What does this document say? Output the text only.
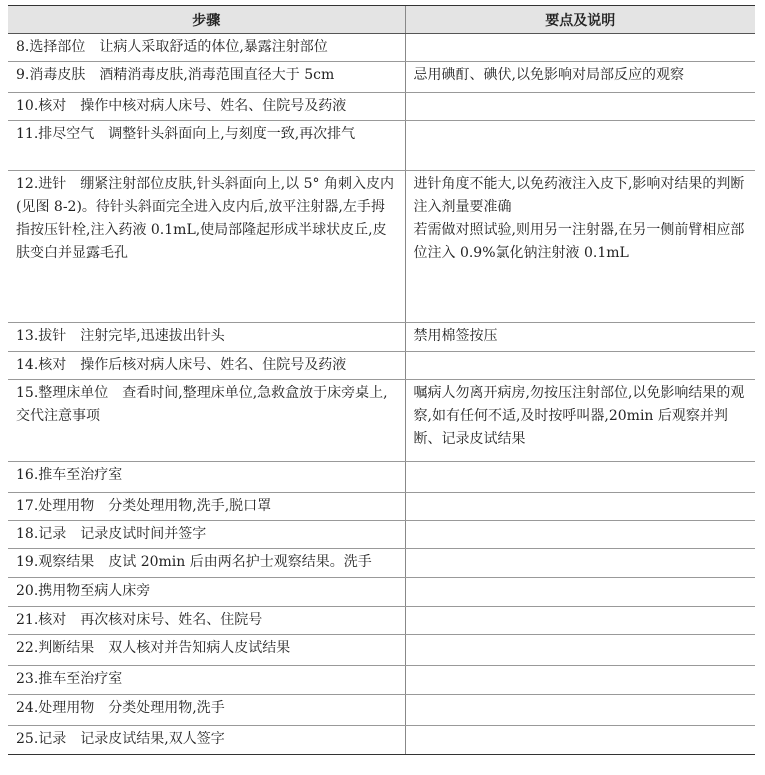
步骤	要点及说明
8.选择部位 让病人采取舒适的体位,暴露注射部位	
9.消毒皮肤 酒精消毒皮肤,消毒范围直径大于 5cm	忌用碘酊、碘伏,以免影响对局部反应的观察

10.核对 操作中核对病人床号、姓名、住院号及药液	
11.排尽空气 调整针头斜面向上,与刻度一致,再次排气	
12.进针 绷紧注射部位皮肤,针头斜面向上,以 5° 角刺入皮内(见图 8-2)。待针头斜面完全进入皮内后,放平注射器,左手拇指按压针栓,注入药液 0.1mL,使局部隆起形成半球状皮丘,皮肤变白并显露毛孔	进针角度不能大,以免药液注入皮下,影响对结果的判断
注入剂量要准确
若需做对照试验,则用另一注射器,在另一侧前臂相应部位注入 0.9%氯化钠注射液 0.1mL

13.拔针 注射完毕,迅速拔出针头	禁用棉签按压

14.核对 操作后核对病人床号、姓名、住院号及药液	
15.整理床单位 查看时间,整理床单位,急救盒放于床旁桌上,交代注意事项	嘱病人勿离开病房,勿按压注射部位,以免影响结果的观察,如有任何不适,及时按呼叫器,20min 后观察并判断、记录皮试结果

16.推车至治疗室	
17.处理用物 分类处理用物,洗手,脱口罩	
18.记录 记录皮试时间并签字	
19.观察结果 皮试 20min 后由两名护士观察结果。洗手	
20.携用物至病人床旁	
21.核对 再次核对床号、姓名、住院号	
22.判断结果 双人核对并告知病人皮试结果	
23.推车至治疗室	
24.处理用物 分类处理用物,洗手	
25.记录 记录皮试结果,双人签字	
